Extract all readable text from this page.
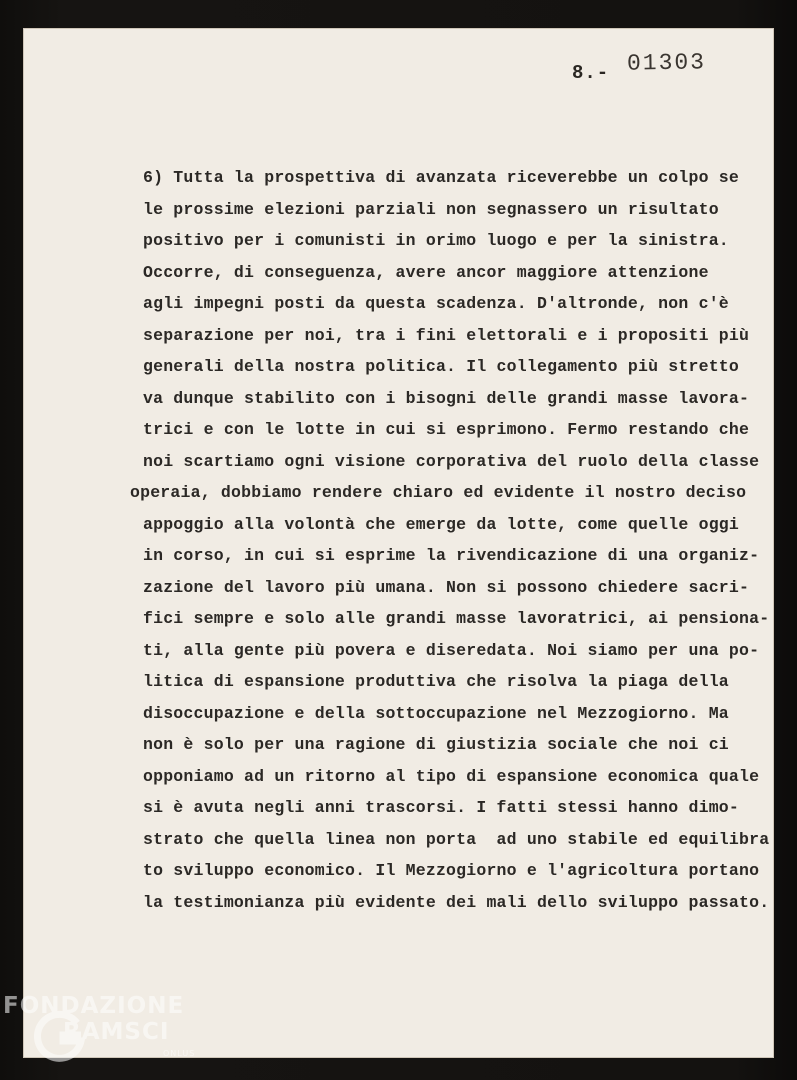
8.- 01303
6) Tutta la prospettiva di avanzata riceverebbe un colpo se
le prossime elezioni parziali non segnassero un risultato
positivo per i comunisti in orimo luogo e per la sinistra.
Occorre, di conseguenza, avere ancor maggiore attenzione
agli impegni posti da questa scadenza. D'altronde, non c'è
separazione per noi, tra i fini elettorali e i propositi più
generali della nostra politica. Il collegamento più stretto
va dunque stabilito con i bisogni delle grandi masse lavora-
trici e con le lotte in cui si esprimono. Fermo restando che
noi scartiamo ogni visione corporativa del ruolo della classe
operaia, dobbiamo rendere chiaro ed evidente il nostro deciso
appoggio alla volontà che emerge da lotte, come quelle oggi
in corso, in cui si esprime la rivendicazione di una organiz-
zazione del lavoro più umana. Non si possono chiedere sacri-
fici sempre e solo alle grandi masse lavoratrici, ai pensiona-
ti, alla gente più povera e diseredata. Noi siamo per una po-
litica di espansione produttiva che risolva la piaga della
disoccupazione e della sottoccupazione nel Mezzogiorno. Ma
non è solo per una ragione di giustizia sociale che noi ci
opponiamo ad un ritorno al tipo di espansione economica quale
si è avuta negli anni trascorsi. I fatti stessi hanno dimo-
strato che quella linea non porta  ad uno stabile ed equilibra
to sviluppo economico. Il Mezzogiorno e l'agricoltura portano
la testimonianza più evidente dei mali dello sviluppo passato.
FONDAZIONE
RAMSCI
ONLUS
